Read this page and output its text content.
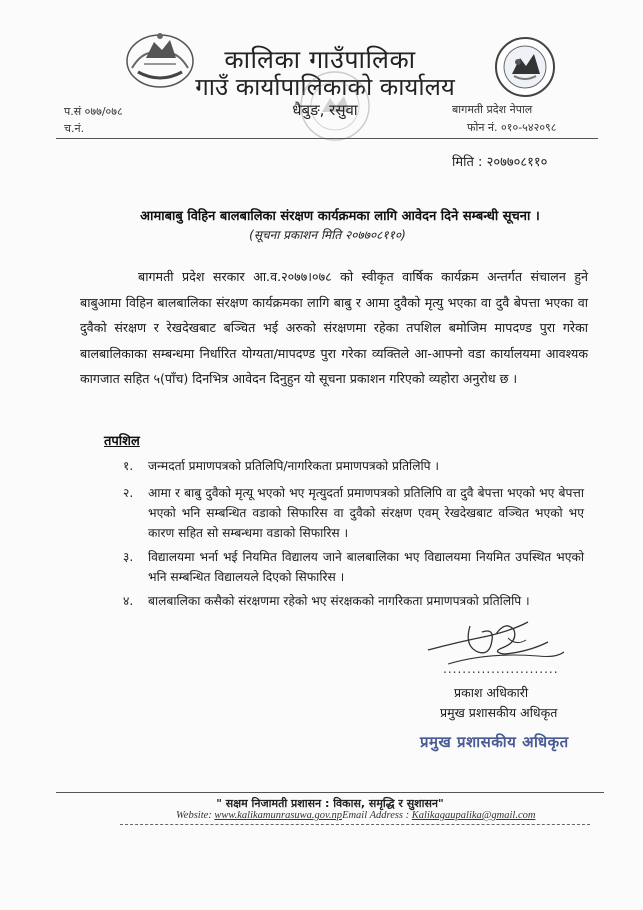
कालिका गाउँपालिका
गाउँ कार्यापालिकाको कार्यालय
धैबुङ, रसुवा
प.सं ०७७/०७८
च.नं.
बागमती प्रदेश नेपाल
फोन नं. ०१०-५४२०९८
मिति : २०७७०८११०
आमाबाबु विहिन बालबालिका संरक्षण कार्यक्रमका लागि आवेदन दिने सम्बन्धी सूचना ।
(सूचना प्रकाशन मिति २०७७०८११०)
बागमती प्रदेश सरकार आ.व.२०७७।०७८ को स्वीकृत वार्षिक कार्यक्रम अन्तर्गत संचालन हुने बाबुआमा विहिन बालबालिका संरक्षण कार्यक्रमका लागि बाबु र आमा दुवैको मृत्यु भएका वा दुवै बेपत्ता भएका वा दुवैको संरक्षण र रेखदेखबाट बञ्चित भई अरुको संरक्षणमा रहेका तपशिल बमोजिम मापदण्ड पुरा गरेका बालबालिकाका सम्बन्धमा निर्धारित योग्यता/मापदण्ड पुरा गरेका व्यक्तिले आ-आफ्नो वडा कार्यालयमा आवश्यक कागजात सहित ५(पाँच) दिनभित्र आवेदन दिनुहुन यो सूचना प्रकाशन गरिएको व्यहोरा अनुरोध छ ।
तपशिल
१.	जन्मदर्ता प्रमाणपत्रको प्रतिलिपि/नागरिकता प्रमाणपत्रको प्रतिलिपि ।
२.	आमा र बाबु दुवैको मृत्यू भएको भए मृत्युदर्ता प्रमाणपत्रको प्रतिलिपि वा दुवै बेपत्ता भएको भए बेपत्ता भएको भनि सम्बन्धित वडाको सिफारिस वा दुवैको संरक्षण एवम् रेखदेखबाट वञ्चित भएको भए कारण सहित सो सम्बन्धमा वडाको सिफारिस ।
३.	विद्यालयमा भर्ना भई नियमित विद्यालय जाने बालबालिका भए विद्यालयमा नियमित उपस्थित भएको भनि सम्बन्धित विद्यालयले दिएको सिफारिस ।
४.	बालबालिका कसैको संरक्षणमा रहेको भए संरक्षकको नागरिकता प्रमाणपत्रको प्रतिलिपि ।
........................
प्रकाश अधिकारी
प्रमुख प्रशासकीय अधिकृत
प्रमुख प्रशासकीय अधिकृत
" सक्षम निजामती प्रशासन : विकास, समृद्धि र सुशासन"
Website: www.kalikamunrasuwa.gov.npEmail Address : Kalikagaupalika@gmail.com
